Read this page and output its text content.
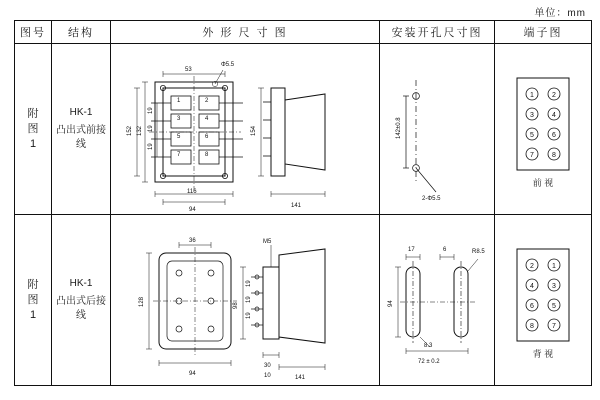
单位：mm
图号	结构	外 形 尺 寸 图	安装开孔尺寸图	端子图

附
图
1

HK-1
凸出式前接线	
53
Φ5.5
152 132
19
19
19
116
94
154
141
1	2
3	4
5	6
7	8

142±0.8
2-Φ5.5

1	2
3	4
5	6
7	8
前 视

附
图
1

HK-1
凸出式后接线	
36
128
94
M5
98
19
19
19
30
10	141

17	6	R8.5
94
8.3
72 ± 0.2

2	1
4	3
6	5
8	7
背 视
